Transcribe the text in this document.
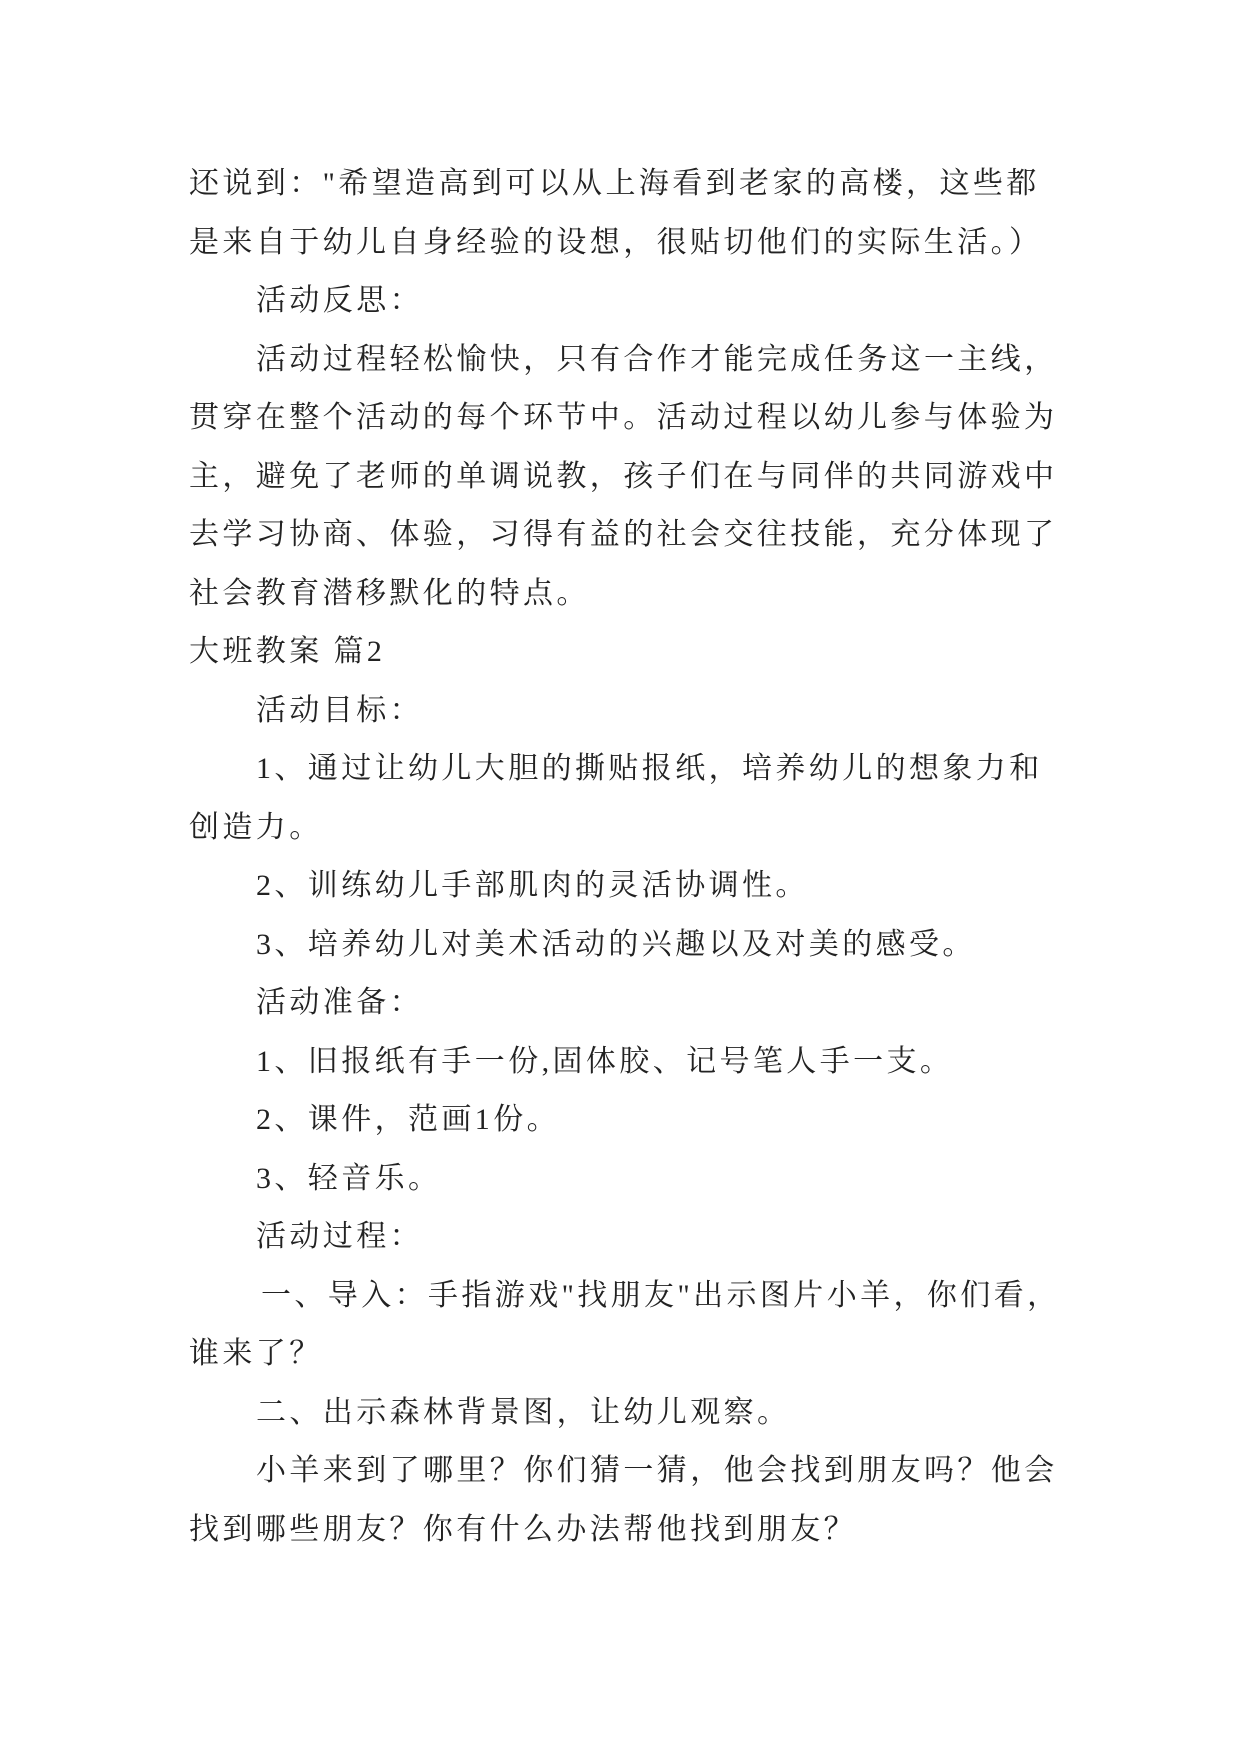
还说到："希望造高到可以从上海看到老家的高楼，这些都
是来自于幼儿自身经验的设想，很贴切他们的实际生活。）
活动反思：
活动过程轻松愉快，只有合作才能完成任务这一主线，
贯穿在整个活动的每个环节中。活动过程以幼儿参与体验为
主，避免了老师的单调说教，孩子们在与同伴的共同游戏中
去学习协商、体验，习得有益的社会交往技能，充分体现了
社会教育潜移默化的特点。
大班教案 篇2
活动目标：
1、通过让幼儿大胆的撕贴报纸，培养幼儿的想象力和
创造力。
2、训练幼儿手部肌肉的灵活协调性。
3、培养幼儿对美术活动的兴趣以及对美的感受。
活动准备：
1、旧报纸有手一份,固体胶、记号笔人手一支。
2、课件，范画1份。
3、轻音乐。
活动过程：
一、导入：手指游戏"找朋友"出示图片小羊，你们看，
谁来了？
二、出示森林背景图，让幼儿观察。
小羊来到了哪里？你们猜一猜，他会找到朋友吗？他会
找到哪些朋友？你有什么办法帮他找到朋友？
